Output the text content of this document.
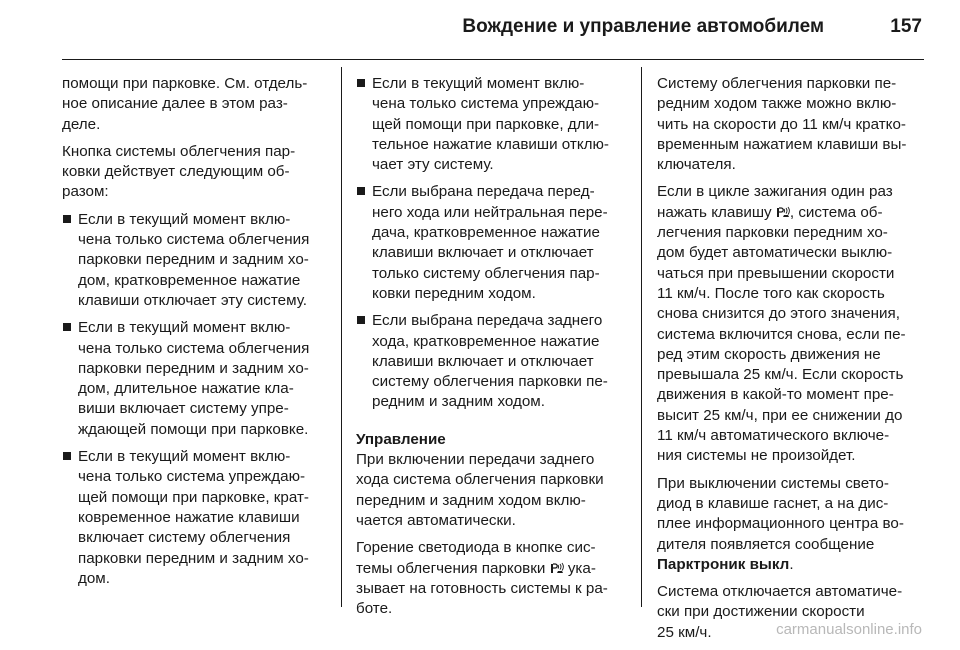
Вождение и управление автомобилем	157

помощи при парковке. См. отдель-
ное описание далее в этом раз-
деле.

Кнопка системы облегчения пар-
ковки действует следующим об-
разом:

Если в текущий момент вклю-
чена только система облегчения
парковки передним и задним хо-
дом, кратковременное нажатие
клавиши отключает эту систему.
Если в текущий момент вклю-
чена только система облегчения
парковки передним и задним хо-
дом, длительное нажатие кла-
виши включает систему упре-
ждающей помощи при парковке.
Если в текущий момент вклю-
чена только система упреждаю-
щей помощи при парковке, крат-
ковременное нажатие клавиши
включает систему облегчения
парковки передним и задним хо-
дом.
Если в текущий момент вклю-
чена только система упреждаю-
щей помощи при парковке, дли-
тельное нажатие клавиши отклю-
чает эту систему.
Если выбрана передача перед-
него хода или нейтральная пере-
дача, кратковременное нажатие
клавиши включает и отключает
только систему облегчения пар-
ковки передним ходом.
Если выбрана передача заднего
хода, кратковременное нажатие
клавиши включает и отключает
систему облегчения парковки пе-
редним и задним ходом.
Управление

При включении передачи заднего
хода система облегчения парковки
передним и задним ходом вклю-
чается автоматически.

Горение светодиода в кнопке сис-
темы облегчения парковки  ука-
зывает на готовность системы к ра-
боте.

Систему облегчения парковки пе-
редним ходом также можно вклю-
чить на скорости до 11 км/ч кратко-
временным нажатием клавиши вы-
ключателя.

Если в цикле зажигания один раз
нажать клавишу , система об-
легчения парковки передним хо-
дом будет автоматически выклю-
чаться при превышении скорости
11 км/ч. После того как скорость
снова снизится до этого значения,
система включится снова, если пе-
ред этим скорость движения не
превышала 25 км/ч. Если скорость
движения в какой-то момент пре-
высит 25 км/ч, при ее снижении до
11 км/ч автоматического включе-
ния системы не произойдет.

При выключении системы свето-
диод в клавише гаснет, а на дис-
плее информационного центра во-
дителя появляется сообщение
Парктроник выкл.

Система отключается автоматиче-
ски при достижении скорости
25 км/ч.	carmanualsonline.info
